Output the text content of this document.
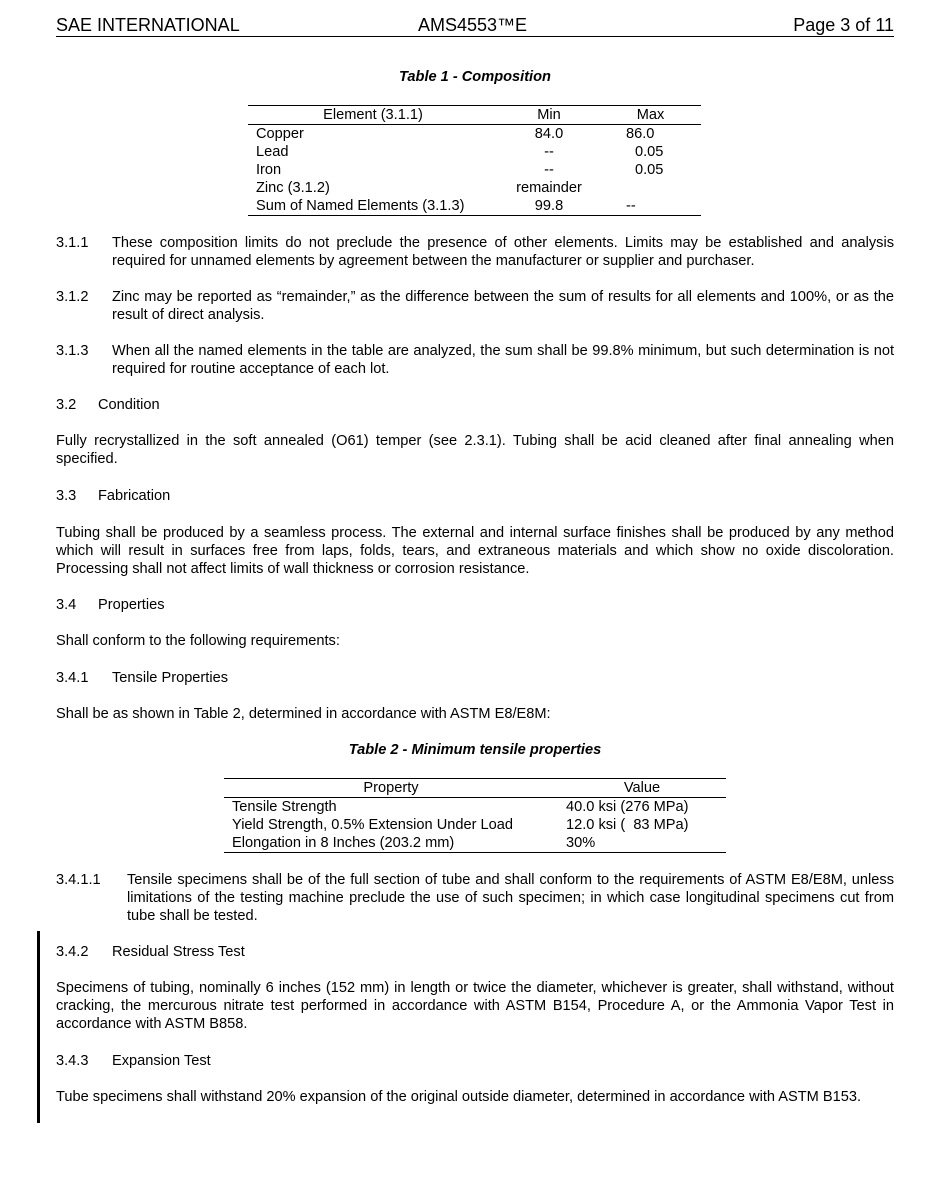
SAE INTERNATIONAL	AMS4553™E	Page 3 of 11
Table 1 - Composition
Element (3.1.1)	Min	Max
Copper	84.0	86.0
Lead	--	0.05
Iron	--	0.05
Zinc (3.1.2)	remainder	
Sum of Named Elements (3.1.3)	99.8	--
3.1.1 These composition limits do not preclude the presence of other elements. Limits may be established and analysis required for unnamed elements by agreement between the manufacturer or supplier and purchaser.
3.1.2 Zinc may be reported as “remainder,” as the difference between the sum of results for all elements and 100%, or as the result of direct analysis.
3.1.3 When all the named elements in the table are analyzed, the sum shall be 99.8% minimum, but such determination is not required for routine acceptance of each lot.
3.2 Condition
Fully recrystallized in the soft annealed (O61) temper (see 2.3.1). Tubing shall be acid cleaned after final annealing when specified.
3.3 Fabrication
Tubing shall be produced by a seamless process. The external and internal surface finishes shall be produced by any method which will result in surfaces free from laps, folds, tears, and extraneous materials and which show no oxide discoloration. Processing shall not affect limits of wall thickness or corrosion resistance.
3.4 Properties
Shall conform to the following requirements:
3.4.1 Tensile Properties
Shall be as shown in Table 2, determined in accordance with ASTM E8/E8M:
Table 2 - Minimum tensile properties
Property	Value
Tensile Strength	40.0 ksi (276 MPa)
Yield Strength, 0.5% Extension Under Load	12.0 ksi (  83 MPa)
Elongation in 8 Inches (203.2 mm)	30%
3.4.1.1 Tensile specimens shall be of the full section of tube and shall conform to the requirements of ASTM E8/E8M, unless limitations of the testing machine preclude the use of such specimen; in which case longitudinal specimens cut from tube shall be tested.
3.4.2 Residual Stress Test
Specimens of tubing, nominally 6 inches (152 mm) in length or twice the diameter, whichever is greater, shall withstand, without cracking, the mercurous nitrate test performed in accordance with ASTM B154, Procedure A, or the Ammonia Vapor Test in accordance with ASTM B858.
3.4.3 Expansion Test
Tube specimens shall withstand 20% expansion of the original outside diameter, determined in accordance with ASTM B153.
